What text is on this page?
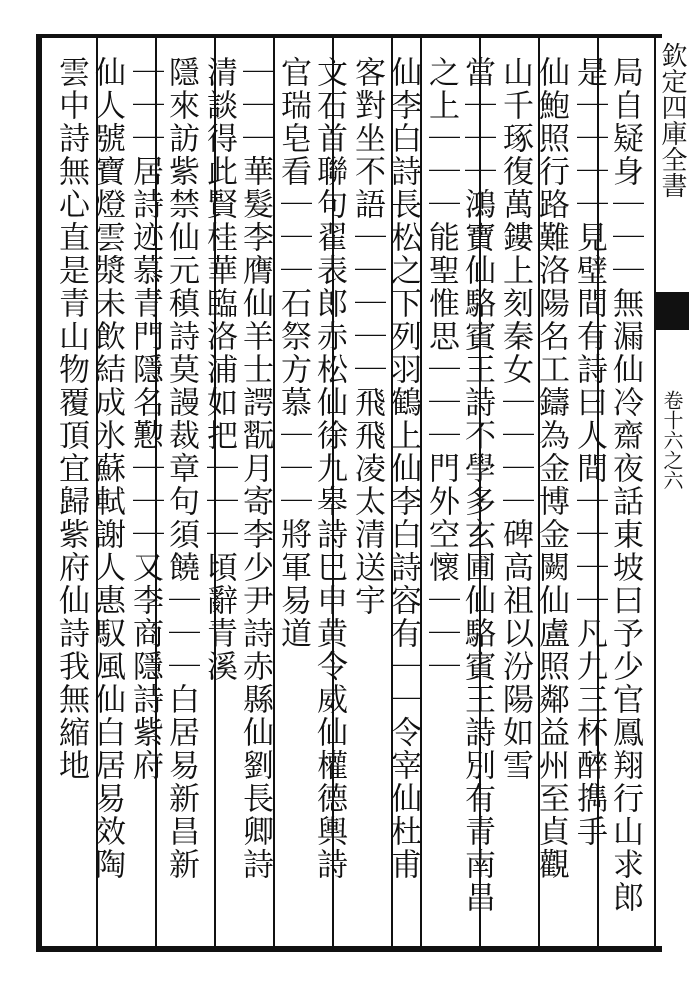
局自疑身｜｜｜無漏仙冷齋夜話東坡曰予少官鳳翔行山求郎
是｜｜｜｜見壁間有詩曰人間｜｜｜｜凡九三杯醉擕手
仙鮑照行路難洛陽名工鑄為金博金闕仙盧照鄰益州至貞觀
山千琢復萬鏤上刻秦女｜｜｜｜碑高祖以汾陽如雪
當｜｜｜鴻寶仙駱賓王詩不學多玄圃仙駱賓王詩別有青南昌
之上｜｜｜能聖惟思｜｜｜門外空懷｜｜｜
仙李白詩長松之下列羽鶴上仙李白詩容有｜｜令宰仙杜甫
客對坐不語｜｜｜｜｜飛飛凌太清送宇
文石首聯句翟表郎赤松仙徐九皋詩巳申黄令威仙權德輿詩
官瑞皂看｜｜｜石祭方慕｜｜｜將軍易道
｜｜｜華髮李膺仙羊士諤翫月寄李少尹詩赤縣仙劉長卿詩
清談得此賢桂華臨洛浦如把｜｜｜頃辭青溪
隱來訪紫禁仙元稹詩莫謾裁章句須饒｜｜｜白居易新昌新
｜｜｜居詩迹慕青門隱名懃｜｜｜又李商隱詩紫府
仙人號寶燈雲漿未飲結成氷蘇軾謝人惠馭風仙白居易效陶
雲中詩無心直是青山物覆頂宜歸紫府仙詩我無縮地	欽定四庫全書
卷十六之六
